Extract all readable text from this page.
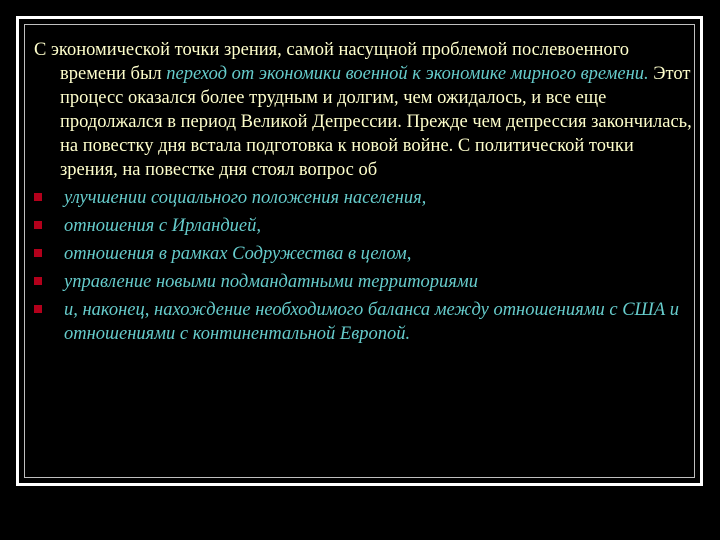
С экономической точки зрения, самой насущной проблемой послевоенного времени был переход от экономики военной к экономике мирного времени. Этот процесс оказался более трудным и долгим, чем ожидалось, и все еще продолжался в период Великой Депрессии. Прежде чем депрессия закончилась, на повестку дня встала подготовка к новой войне. С политической точки зрения, на повестке дня стоял вопрос об

улучшении социального положения населения,
отношения с Ирландией,
отношения в рамках Содружества в целом,
управление новыми подмандатными территориями
и, наконец, нахождение необходимого баланса между отношениями с США и отношениями с континентальной Европой.
